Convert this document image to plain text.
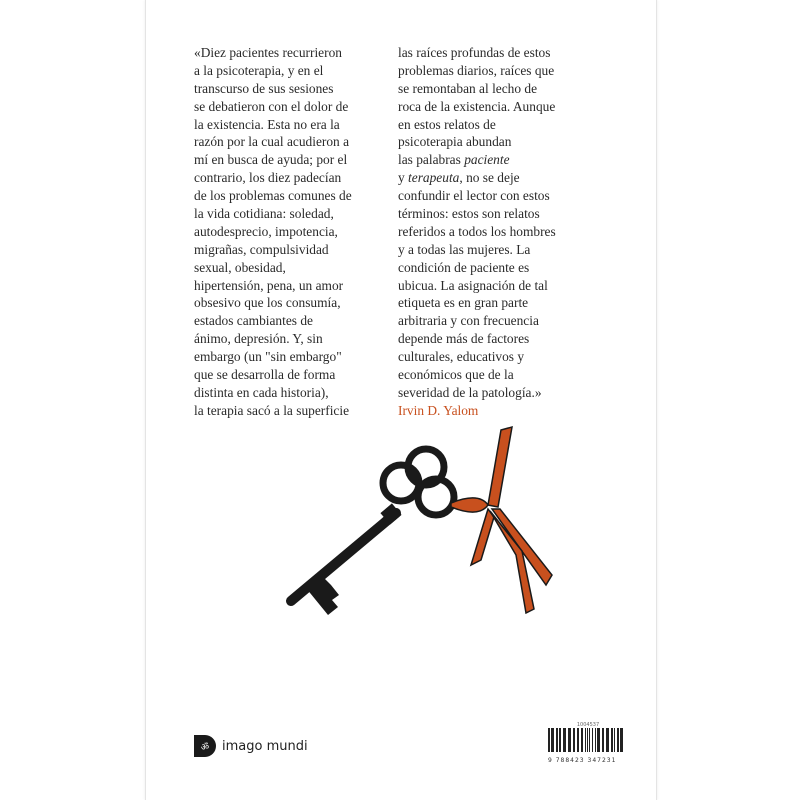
«Diez pacientes recurrieron
a la psicoterapia, y en el
transcurso de sus sesiones
se debatieron con el dolor de
la existencia. Esta no era la
razón por la cual acudieron a
mí en busca de ayuda; por el
contrario, los diez padecían
de los problemas comunes de
la vida cotidiana: soledad,
autodesprecio, impotencia,
migrañas, compulsividad
sexual, obesidad,
hipertensión, pena, un amor
obsesivo que los consumía,
estados cambiantes de
ánimo, depresión. Y, sin
embargo (un "sin embargo"
que se desarrolla de forma
distinta en cada historia),
la terapia sacó a la superficie
las raíces profundas de estos
problemas diarios, raíces que
se remontaban al lecho de
roca de la existencia. Aunque
en estos relatos de
psicoterapia abundan
las palabras paciente
y terapeuta, no se deje
confundir el lector con estos
términos: estos son relatos
referidos a todos los hombres
y a todas las mujeres. La
condición de paciente es
ubicua. La asignación de tal
etiqueta es en gran parte
arbitraria y con frecuencia
depende más de factores
culturales, educativos y
económicos que de la
severidad de la patología.»
Irvin D. Yalom
ॐ imago mundi
1004537
9 788423 347231
